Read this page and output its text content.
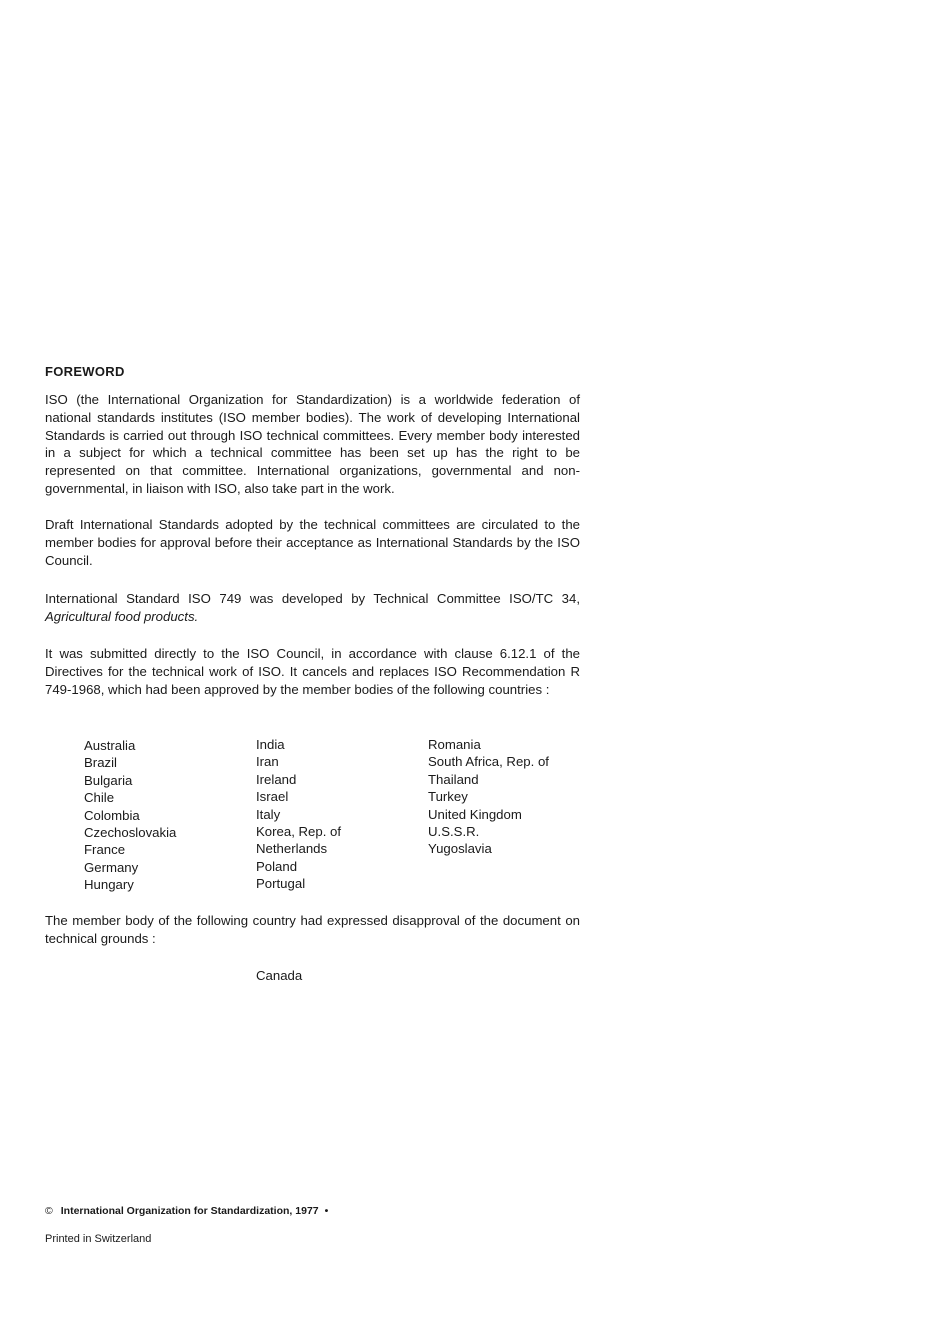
FOREWORD

ISO (the International Organization for Standardization) is a worldwide federation of national standards institutes (ISO member bodies). The work of developing International Standards is carried out through ISO technical committees. Every member body interested in a subject for which a technical committee has been set up has the right to be represented on that committee. International organizations, governmental and non-governmental, in liaison with ISO, also take part in the work.

Draft International Standards adopted by the technical committees are circulated to the member bodies for approval before their acceptance as International Standards by the ISO Council.

International Standard ISO 749 was developed by Technical Committee ISO/TC 34, Agricultural food products.

It was submitted directly to the ISO Council, in accordance with clause 6.12.1 of the Directives for the technical work of ISO. It cancels and replaces ISO Recommendation R 749-1968, which had been approved by the member bodies of the following countries :

Australia
Brazil
Bulgaria
Chile
Colombia
Czechoslovakia
France
Germany
Hungary
India
Iran
Ireland
Israel
Italy
Korea, Rep. of
Netherlands
Poland
Portugal
Romania
South Africa, Rep. of
Thailand
Turkey
United Kingdom
U.S.S.R.
Yugoslavia

The member body of the following country had expressed disapproval of the document on technical grounds :

Canada

© International Organization for Standardization, 1977 •

Printed in Switzerland
